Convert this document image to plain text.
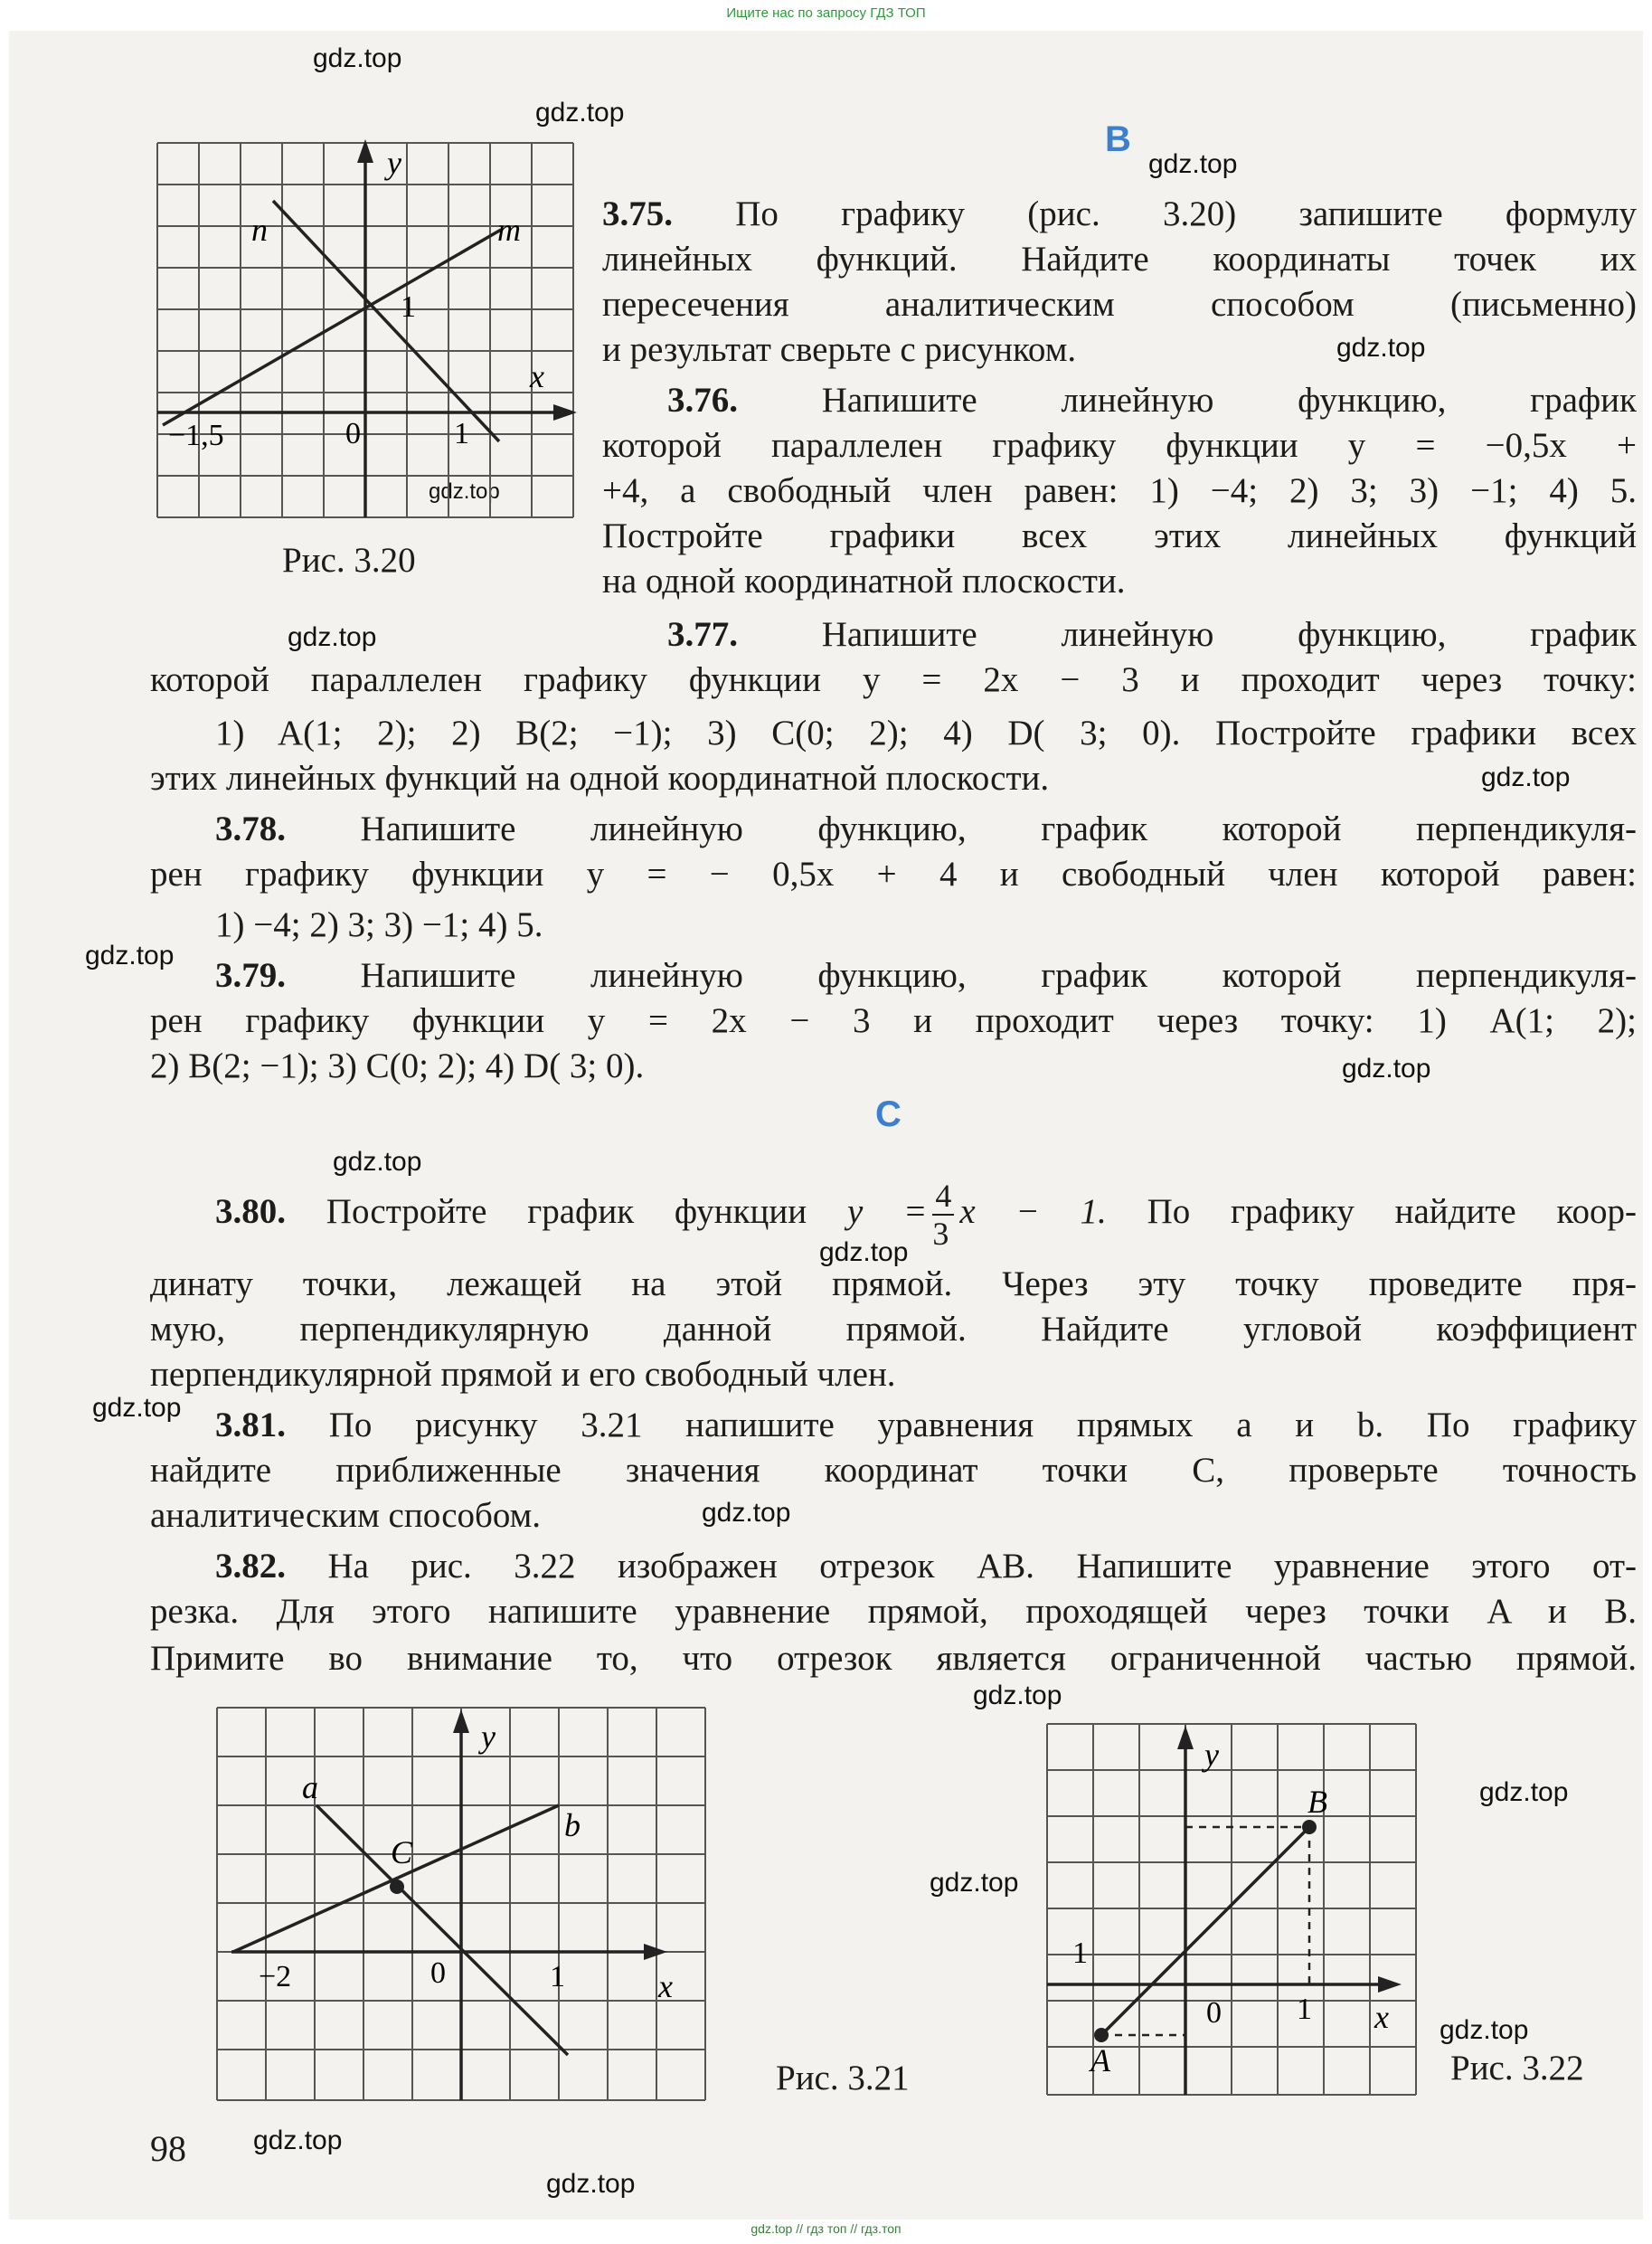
Ищите нас по запросу ГДЗ ТОП
gdz.top
gdz.top
gdz.top
gdz.top
gdz.top
gdz.top
gdz.top
gdz.top
gdz.top
gdz.top
gdz.top
gdz.top
gdz.top
gdz.top
gdz.top
gdz.top
gdz.top
gdz.top
gdz.top
B
C
y
x
n	m
1
0	1
−1,5
Рис. 3.20
3.75. По графику (рис. 3.20) запишите формулу
линейных функций. Найдите координаты точек их
пересечения аналитическим способом (письменно)
и результат сверьте с рисунком.
3.76. Напишите линейную функцию, график
которой параллелен графику функции y = −0,5x +
+4, а свободный член равен: 1) −4; 2) 3; 3) −1; 4) 5.
Постройте графики всех этих линейных функций
на одной координатной плоскости.
3.77. Напишите линейную функцию, график
которой параллелен графику функции y = 2x − 3 и проходит через точку:
1) A(1; 2); 2) B(2; −1); 3) C(0; 2); 4) D( 3; 0). Постройте графики всех
этих линейных функций на одной координатной плоскости.
3.78. Напишите линейную функцию, график которой перпендикуля-
рен графику функции y = − 0,5x + 4 и свободный член которой равен:
1) −4; 2) 3; 3) −1; 4) 5.
3.79. Напишите линейную функцию, график которой перпендикуля-
рен графику функции y = 2x − 3 и проходит через точку: 1) A(1; 2);
2) B(2; −1); 3) C(0; 2); 4) D( 3; 0).
3.80. Постройте график функции $y = \frac{4}{3}$ x − 1. По графику найдите коор-
динату точки, лежащей на этой прямой. Через эту точку проведите пря-
мую, перпендикулярную данной прямой. Найдите угловой коэффициент
перпендикулярной прямой и его свободный член.
3.81. По рисунку 3.21 напишите уравнения прямых a и b. По графику
найдите приближенные значения координат точки C, проверьте точность
аналитическим способом.
3.82. На рис. 3.22 изображен отрезок AB. Напишите уравнение этого от-
резка. Для этого напишите уравнение прямой, проходящей через точки A и B.
Примите во внимание то, что отрезок является ограниченной частью прямой.
y
x
a
b
C
0	1
−2
Рис. 3.21
y
x
B
A
1
0 1
Рис. 3.22
98
gdz.top // гдз топ // гдз.топ
